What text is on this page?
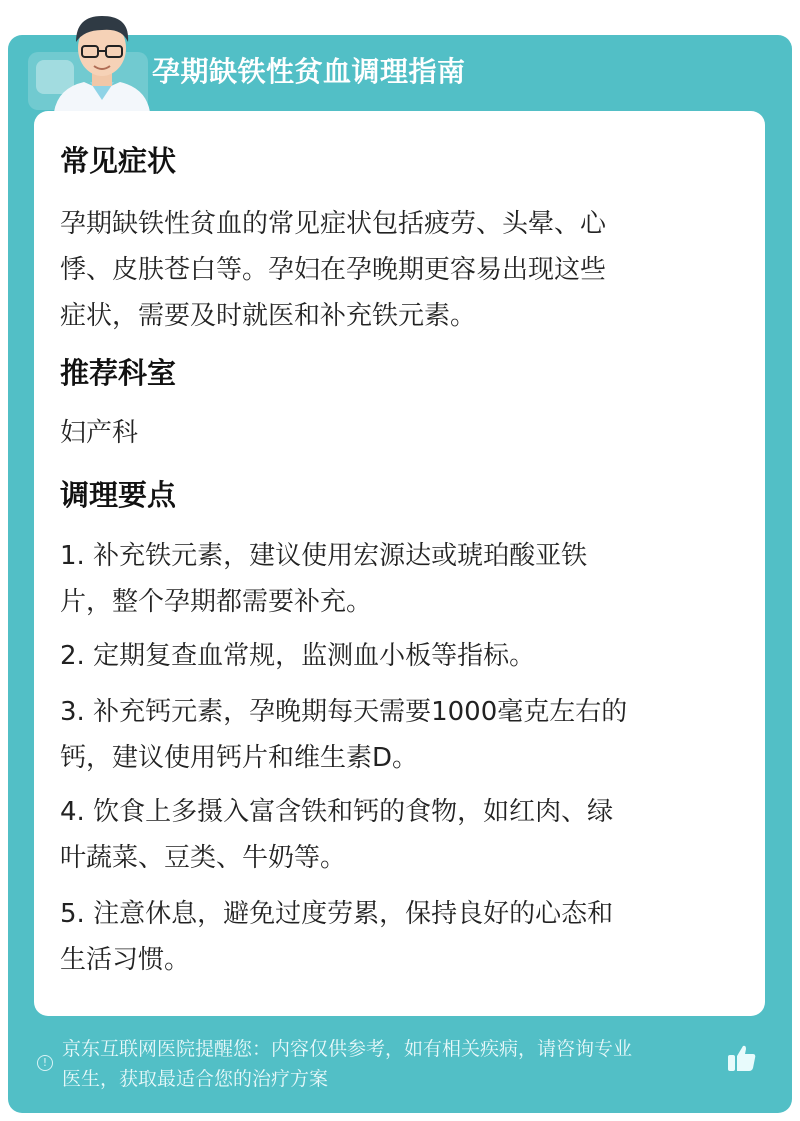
孕期缺铁性贫血调理指南
常见症状
孕期缺铁性贫血的常见症状包括疲劳、头晕、心
悸、皮肤苍白等。孕妇在孕晚期更容易出现这些
症状，需要及时就医和补充铁元素。
推荐科室
妇产科
调理要点
1. 补充铁元素，建议使用宏源达或琥珀酸亚铁
片，整个孕期都需要补充。
2. 定期复查血常规，监测血小板等指标。
3. 补充钙元素，孕晚期每天需要1000毫克左右的
钙，建议使用钙片和维生素D。
4. 饮食上多摄入富含铁和钙的食物，如红肉、绿
叶蔬菜、豆类、牛奶等。
5. 注意休息，避免过度劳累，保持良好的心态和
生活习惯。
!
京东互联网医院提醒您：内容仅供参考，如有相关疾病，请咨询专业
医生，获取最适合您的治疗方案
